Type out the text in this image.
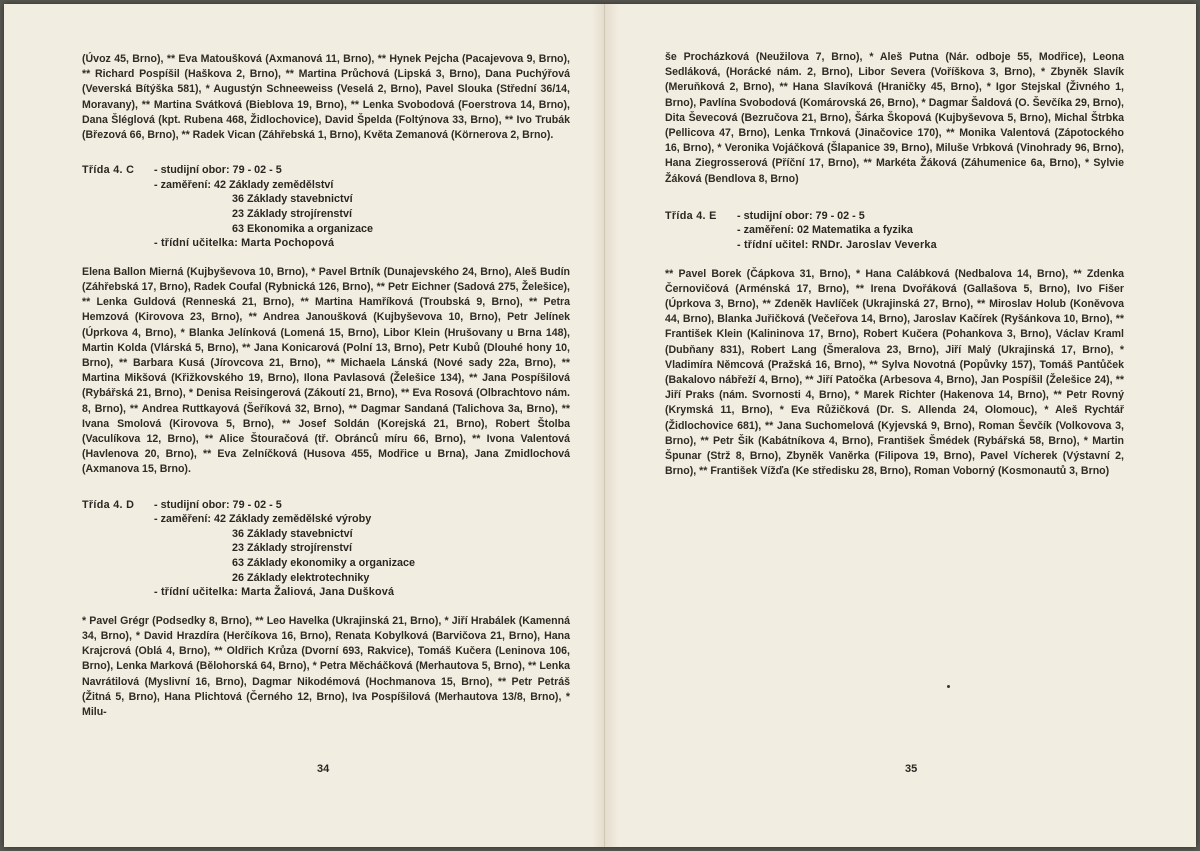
(Úvoz 45, Brno), ** Eva Matoušková (Axmanová 11, Brno), ** Hynek Pejcha (Pacajevova 9, Brno), ** Richard Pospíšil (Haškova 2, Brno), ** Martina Průchová (Lipská 3, Brno), Dana Puchýřová (Veverská Bítýška 581), * Augustýn Schneeweiss (Veselá 2, Brno), Pavel Slouka (Střední 36/14, Moravany), ** Martina Svátková (Bieblova 19, Brno), ** Lenka Svobodová (Foerstrova 14, Brno), Dana Šléglová (kpt. Rubena 468, Židlochovice), David Špelda (Foltýnova 33, Brno), ** Ivo Trubák (Březová 66, Brno), ** Radek Vican (Záhřebská 1, Brno), Květa Zemanová (Körnerova 2, Brno).

Třída 4. C	- studijní obor: 79 - 02 - 5
- zaměření: 42 Základy zemědělství
36 Základy stavebnictví
23 Základy strojírenství
63 Ekonomika a organizace
- třídní učitelka: Marta Pochopová

Elena Ballon Mierná (Kujbyševova 10, Brno), * Pavel Brtník (Dunajevského 24, Brno), Aleš Budín (Záhřebská 17, Brno), Radek Coufal (Rybnická 126, Brno), ** Petr Eichner (Sadová 275, Želešice), ** Lenka Guldová (Renneská 21, Brno), ** Martina Hamříková (Troubská 9, Brno), ** Petra Hemzová (Kirovova 23, Brno), ** Andrea Janoušková (Kujbyševova 10, Brno), Petr Jelínek (Úprkova 4, Brno), * Blanka Jelínková (Lomená 15, Brno), Libor Klein (Hrušovany u Brna 148), Martin Kolda (Vlárská 5, Brno), ** Jana Konicarová (Polní 13, Brno), Petr Kubů (Dlouhé hony 10, Brno), ** Barbara Kusá (Jírovcova 21, Brno), ** Michaela Lánská (Nové sady 22a, Brno), ** Martina Mikšová (Křižkovského 19, Brno), Ilona Pavlasová (Želešice 134), ** Jana Pospíšilová (Rybářská 21, Brno), * Denisa Reisingerová (Zákoutí 21, Brno), ** Eva Rosová (Olbrachtovo nám. 8, Brno), ** Andrea Ruttkayová (Šeříková 32, Brno), ** Dagmar Sandaná (Talichova 3a, Brno), ** Ivana Smolová (Kirovova 5, Brno), ** Josef Soldán (Korejská 21, Brno), Robert Štolba (Vaculíkova 12, Brno), ** Alice Štouračová (tř. Obránců míru 66, Brno), ** Ivona Valentová (Havlenova 20, Brno), ** Eva Zelníčková (Husova 455, Modřice u Brna), Jana Zmidlochová (Axmanova 15, Brno).

Třída 4. D	- studijní obor: 79 - 02 - 5
- zaměření: 42 Základy zemědělské výroby
36 Základy stavebnictví
23 Základy strojírenství
63 Základy ekonomiky a organizace
26 Základy elektrotechniky
- třídní učitelka: Marta Žaliová, Jana Dušková

* Pavel Grégr (Podsedky 8, Brno), ** Leo Havelka (Ukrajinská 21, Brno), * Jiří Hrabálek (Kamenná 34, Brno), * David Hrazdíra (Herčíkova 16, Brno), Renata Kobylková (Barvičova 21, Brno), Hana Krajcrová (Oblá 4, Brno), ** Oldřich Krůza (Dvorní 693, Rakvice), Tomáš Kučera (Leninova 106, Brno), Lenka Marková (Bělohorská 64, Brno), * Petra Měcháčková (Merhautova 5, Brno), ** Lenka Navrátilová (Myslivní 16, Brno), Dagmar Nikodémová (Hochmanova 15, Brno), ** Petr Petráš (Žitná 5, Brno), Hana Plichtová (Černého 12, Brno), Iva Pospíšilová (Merhautova 13/8, Brno), * Milu-

34

še Procházková (Neužilova 7, Brno), * Aleš Putna (Nár. odboje 55, Modřice), Leona Sedláková, (Horácké nám. 2, Brno), Libor Severa (Voříškova 3, Brno), * Zbyněk Slavík (Meruňková 2, Brno), ** Hana Slavíková (Hraničky 45, Brno), * Igor Stejskal (Živného 1, Brno), Pavlína Svobodová (Komárovská 26, Brno), * Dagmar Šaldová (O. Ševčíka 29, Brno), Dita Ševecová (Bezručova 21, Brno), Šárka Škopová (Kujbyševova 5, Brno), Michal Štrbka (Pellicova 47, Brno), Lenka Trnková (Jinačovice 170), ** Monika Valentová (Zápotockého 16, Brno), * Veronika Vojáčková (Šlapanice 39, Brno), Miluše Vrbková (Vinohrady 96, Brno), Hana Ziegrosserová (Příční 17, Brno), ** Markéta Žáková (Záhumenice 6a, Brno), * Sylvie Žáková (Bendlova 8, Brno)

Třída 4. E	- studijní obor: 79 - 02 - 5
- zaměření: 02 Matematika a fyzika
- třídní učitel: RNDr. Jaroslav Veverka

** Pavel Borek (Čápkova 31, Brno), * Hana Calábková (Nedbalova 14, Brno), ** Zdenka Černovičová (Arménská 17, Brno), ** Irena Dvořáková (Gallašova 5, Brno), Ivo Fišer (Úprkova 3, Brno), ** Zdeněk Havlíček (Ukrajinská 27, Brno), ** Miroslav Holub (Koněvova 44, Brno), Blanka Juřičková (Večeřova 14, Brno), Jaroslav Kačírek (Ryšánkova 10, Brno), ** František Klein (Kalininova 17, Brno), Robert Kučera (Pohankova 3, Brno), Václav Kraml (Dubňany 831), Robert Lang (Šmeralova 23, Brno), Jiří Malý (Ukrajinská 17, Brno), * Vladimíra Němcová (Pražská 16, Brno), ** Sylva Novotná (Popůvky 157), Tomáš Pantůček (Bakalovo nábřeží 4, Brno), ** Jiří Patočka (Arbesova 4, Brno), Jan Pospíšil (Želešice 24), ** Jiří Praks (nám. Svornosti 4, Brno), * Marek Richter (Hakenova 14, Brno), ** Petr Rovný (Krymská 11, Brno), * Eva Růžičková (Dr. S. Allenda 24, Olomouc), * Aleš Rychtář (Židlochovice 681), ** Jana Suchomelová (Kyjevská 9, Brno), Roman Ševčík (Volkovova 3, Brno), ** Petr Šik (Kabátníkova 4, Brno), František Šmédek (Rybářská 58, Brno), * Martin Špunar (Strž 8, Brno), Zbyněk Vaněrka (Filipova 19, Brno), Pavel Vícherek (Výstavní 2, Brno), ** František Vížďa (Ke středisku 28, Brno), Roman Voborný (Kosmonautů 3, Brno)

35
